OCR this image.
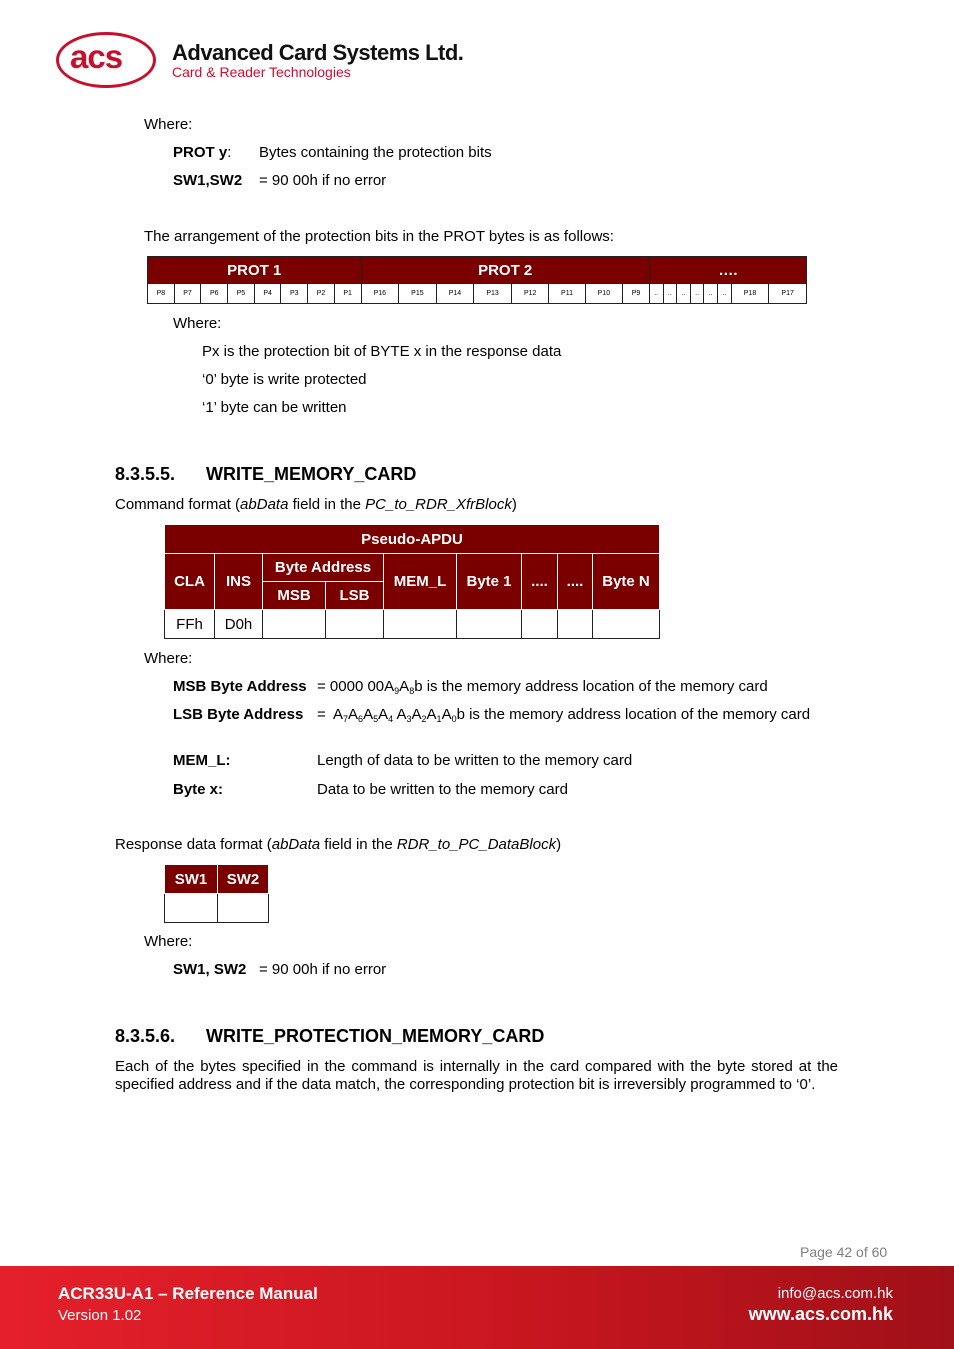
acs Advanced Card Systems Ltd.
Card & Reader Technologies
Where:
PROT y: Bytes containing the protection bits
SW1,SW2 = 90 00h if no error
The arrangement of the protection bits in the PROT bytes is as follows:
PROT 1								PROT 2								….							
P8	P7	P6	P5	P4	P3	P2	P1	P16	P15	P14	P13	P12	P11	P10	P9	..	..	..	..	..	..	P18	P17
Where:
Px is the protection bit of BYTE x in the response data
‘0’ byte is write protected
‘1’ byte can be written
8.3.5.5. WRITE_MEMORY_CARD
Command format (abData field in the PC_to_RDR_XfrBlock)
Pseudo-APDU								
CLA	INS	Byte Address		MEM_L	Byte 1	....	....	Byte N
		MSB	LSB					
FFh	D0h							
Where:
MSB Byte Address = 0000 $00A_9A_8b$ is the memory address location of the memory card
LSB Byte Address = $A_7A_6A_5A_4$ $A_3A_2A_1A_0b$ is the memory address location of the memory card
MEM_L:	Length of data to be written to the memory card
Byte x:	Data to be written to the memory card
Response data format (abData field in the RDR_to_PC_DataBlock)
SW1	SW2

Where:
SW1, SW2 = 90 00h if no error
8.3.5.6. WRITE_PROTECTION_MEMORY_CARD
Each of the bytes specified in the command is internally in the card compared with the byte stored at the specified address and if the data match, the corresponding protection bit is irreversibly programmed to ‘0’.
Page 42 of 60
ACR33U-A1 – Reference Manual
Version 1.02
info@acs.com.hk
www.acs.com.hk
